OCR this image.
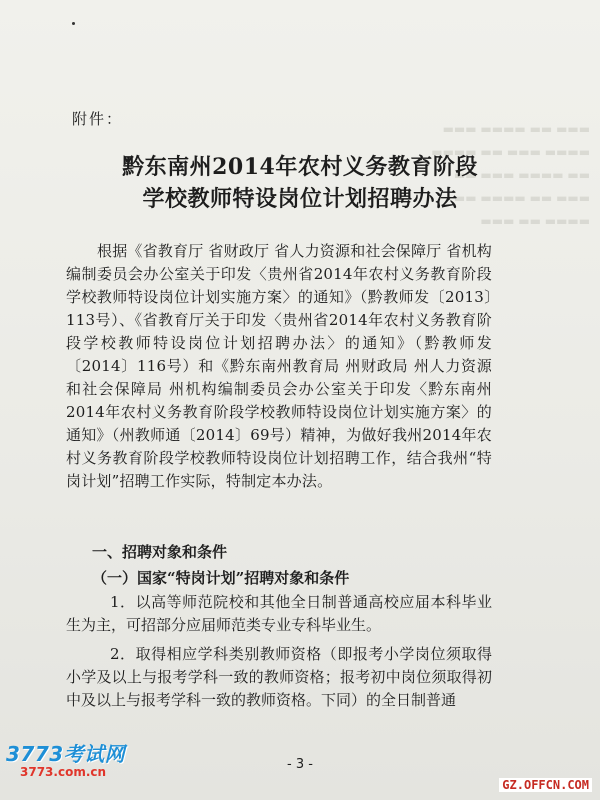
▬▬▬ ▬▬ ▬▬▬▬ ▬▬▬
▬▬▬▬ ▬▬▬ ▬▬ ▬▬▬▬
▬▬ ▬▬▬▬ ▬▬▬ ▬▬
▬▬▬ ▬▬ ▬▬▬▬ ▬▬
▬▬▬▬ ▬▬ ▬▬▬
附件：
黔东南州2014年农村义务教育阶段
学校教师特设岗位计划招聘办法
根据《省教育厅 省财政厅 省人力资源和社会保障厅 省机构编制委员会办公室关于印发〈贵州省2014年农村义务教育阶段学校教师特设岗位计划实施方案〉的通知》（黔教师发〔2013〕113号）、《省教育厅关于印发〈贵州省2014年农村义务教育阶段学校教师特设岗位计划招聘办法〉的通知》（黔教师发〔2014〕116号）和《黔东南州教育局 州财政局 州人力资源和社会保障局 州机构编制委员会办公室关于印发〈黔东南州2014年农村义务教育阶段学校教师特设岗位计划实施方案〉的通知》（州教师通〔2014〕69号）精神，为做好我州2014年农村义务教育阶段学校教师特设岗位计划招聘工作，结合我州“特岗计划”招聘工作实际，特制定本办法。
一、招聘对象和条件
（一）国家“特岗计划”招聘对象和条件
1．以高等师范院校和其他全日制普通高校应届本科毕业生为主，可招部分应届师范类专业专科毕业生。
2．取得相应学科类别教师资格（即报考小学岗位须取得小学及以上与报考学科一致的教师资格；报考初中岗位须取得初中及以上与报考学科一致的教师资格。下同）的全日制普通
- 3 -
3773考试网
3773.com.cn
GZ.OFFCN.COM
